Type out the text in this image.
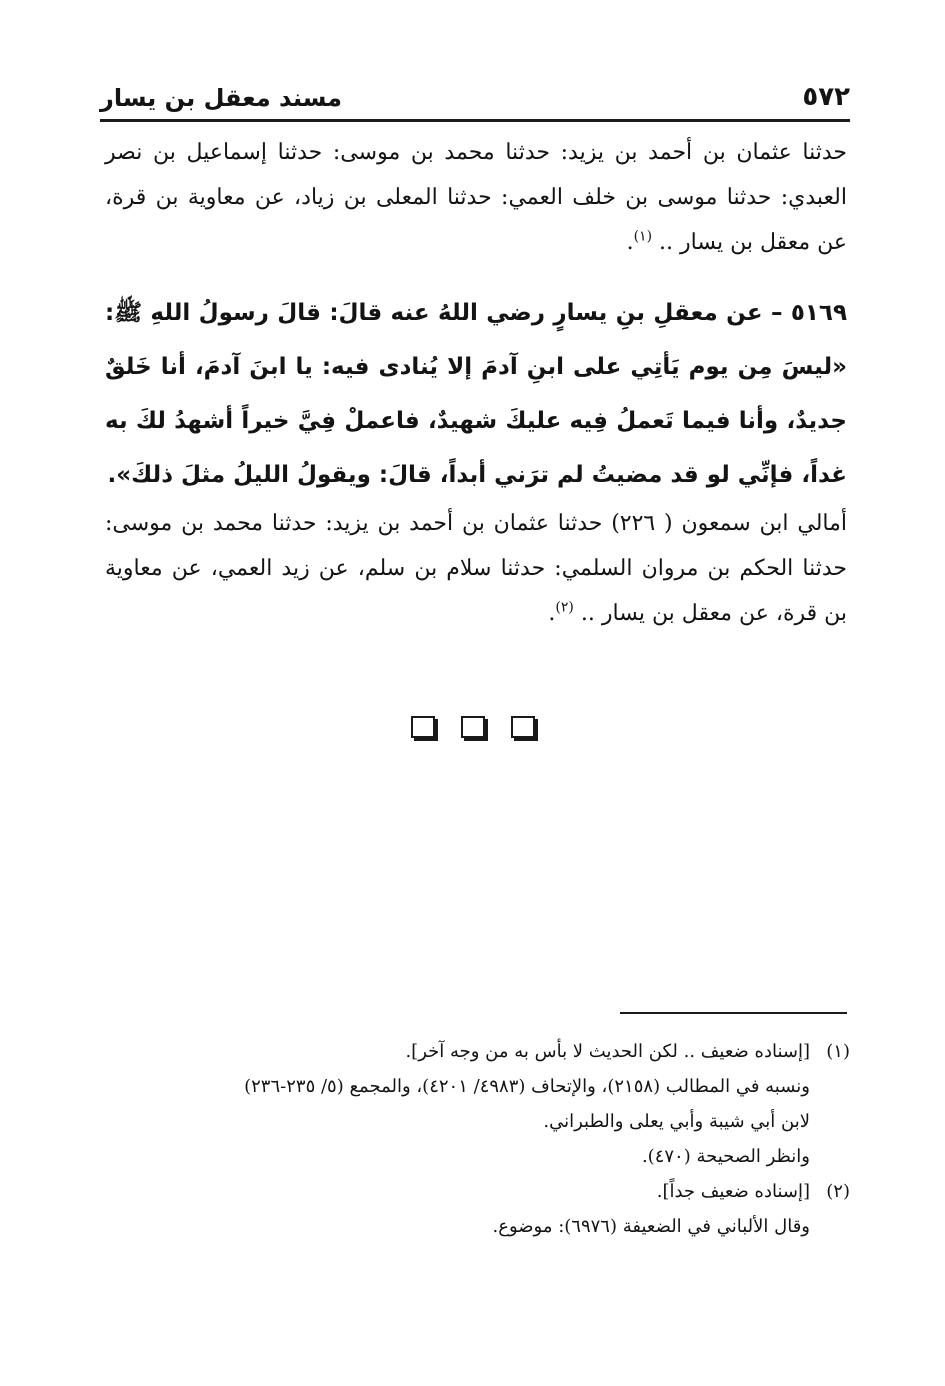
٥٧٢
مسند معقل بن يسار

حدثنا عثمان بن أحمد بن يزيد: حدثنا محمد بن موسى: حدثنا إسماعيل بن نصر العبدي: حدثنا موسى بن خلف العمي: حدثنا المعلى بن زياد، عن معاوية بن قرة، عن معقل بن يسار .. $^{(١)}$.

٥١٦٩ – عن معقلِ بنِ يسارٍ رضي اللهُ عنه قالَ: قالَ رسولُ اللهِ ﷺ: «ليسَ مِن يوم يَأتِي على ابنِ آدمَ إلا يُنادى فيه: يا ابنَ آدمَ، أنا خَلقٌ جديدٌ، وأنا فيما تَعملُ فِيه عليكَ شهيدٌ، فاعملْ فِيَّ خيراً أشهدُ لكَ به غداً، فإنِّي لو قد مضيتُ لم ترَني أبداً، قالَ: ويقولُ الليلُ مثلَ ذلكَ».

أمالي ابن سمعون ( ٢٢٦) حدثنا عثمان بن أحمد بن يزيد: حدثنا محمد بن موسى: حدثنا الحكم بن مروان السلمي: حدثنا سلام بن سلم، عن زيد العمي، عن معاوية بن قرة، عن معقل بن يسار .. $^{(٢)}$.

(١)[إسناده ضعيف .. لكن الحديث لا بأس به من وجه آخر].
ونسبه في المطالب (٢١٥٨)، والإتحاف (٤٩٨٣/ ٤٢٠١)، والمجمع (٥/ ٢٣٥-٢٣٦)
لابن أبي شيبة وأبي يعلى والطبراني.
وانظر الصحيحة (٤٧٠).
(٢)[إسناده ضعيف جداً].
وقال الألباني في الضعيفة (٦٩٧٦): موضوع.
